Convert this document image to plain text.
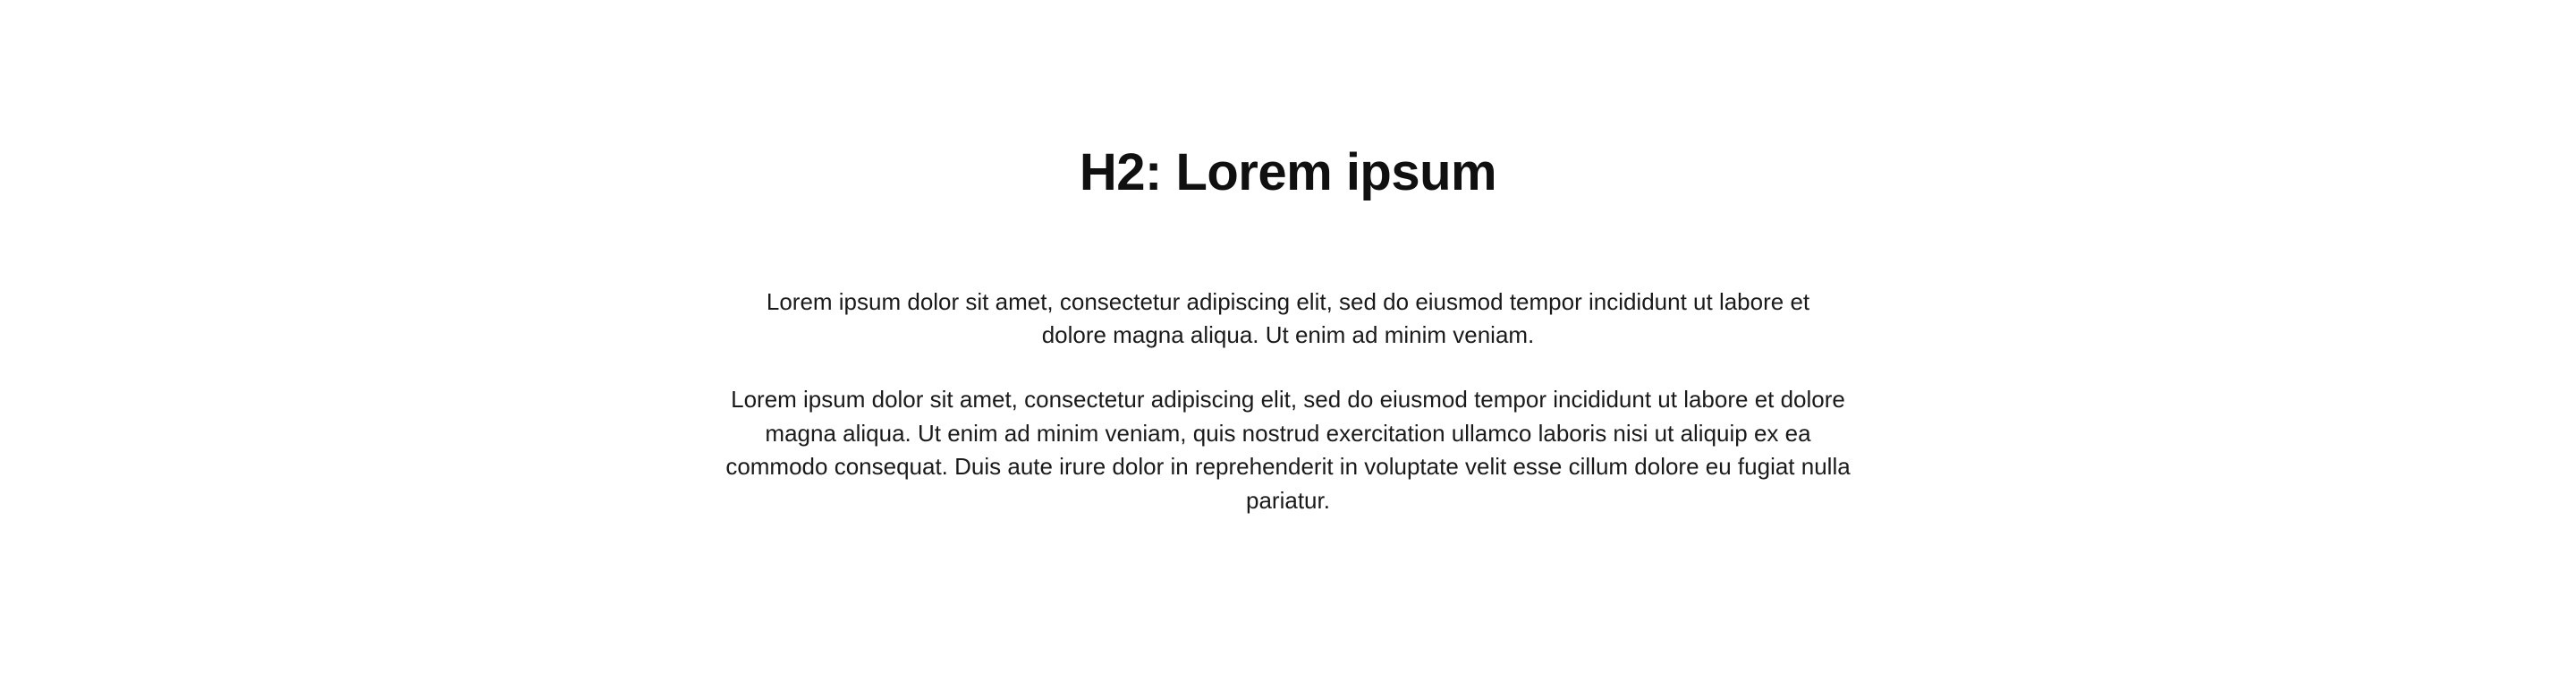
H2: Lorem ipsum

Lorem ipsum dolor sit amet, consectetur adipiscing elit, sed do eiusmod tempor incididunt ut labore et dolore magna aliqua. Ut enim ad minim veniam.

Lorem ipsum dolor sit amet, consectetur adipiscing elit, sed do eiusmod tempor incididunt ut labore et dolore magna aliqua. Ut enim ad minim veniam, quis nostrud exercitation ullamco laboris nisi ut aliquip ex ea commodo consequat. Duis aute irure dolor in reprehenderit in voluptate velit esse cillum dolore eu fugiat nulla pariatur.
